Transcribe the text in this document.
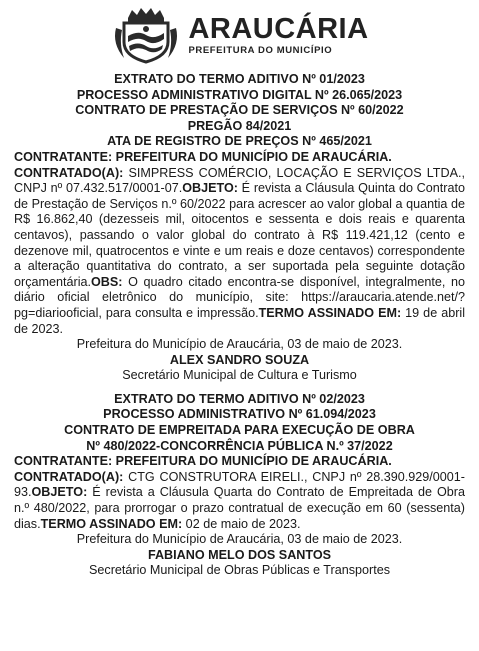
ARAUCÁRIA
PREFEITURA DO MUNICÍPIO
EXTRATO DO TERMO ADITIVO Nº 01/2023
PROCESSO ADMINISTRATIVO DIGITAL Nº 26.065/2023
CONTRATO DE PRESTAÇÃO DE SERVIÇOS Nº 60/2022
PREGÃO 84/2021
ATA DE REGISTRO DE PREÇOS Nº 465/2021
CONTRATANTE: PREFEITURA DO MUNICÍPIO DE ARAUCÁRIA.
CONTRATADO(A): SIMPRESS COMÉRCIO, LOCAÇÃO E SERVIÇOS LTDA., CNPJ nº 07.432.517/0001-07.OBJETO: É revista a Cláusula Quinta do Contrato de Prestação de Serviços n.º 60/2022 para acrescer ao valor global a quantia de R$ 16.862,40 (dezesseis mil, oitocentos e sessenta e dois reais e quarenta centavos), passando o valor global do contrato à R$ 119.421,12 (cento e dezenove mil, quatrocentos e vinte e um reais e doze centavos) correspondente a alteração quantitativa do contrato, a ser suportada pela seguinte dotação orçamentária.OBS: O quadro citado encontra-se disponível, integralmente, no diário oficial eletrônico do município, site: https://araucaria.atende.net/?pg=diariooficial, para consulta e impressão.TERMO ASSINADO EM: 19 de abril de 2023.
Prefeitura do Município de Araucária, 03 de maio de 2023.
ALEX SANDRO SOUZA
Secretário Municipal de Cultura e Turismo
EXTRATO DO TERMO ADITIVO Nº 02/2023
PROCESSO ADMINISTRATIVO Nº 61.094/2023
CONTRATO DE EMPREITADA PARA EXECUÇÃO DE OBRA
Nº 480/2022-CONCORRÊNCIA PÚBLICA N.º 37/2022
CONTRATANTE: PREFEITURA DO MUNICÍPIO DE ARAUCÁRIA.
CONTRATADO(A): CTG CONSTRUTORA EIRELI., CNPJ nº 28.390.929/0001-93.OBJETO: É revista a Cláusula Quarta do Contrato de Empreitada de Obra n.º 480/2022, para prorrogar o prazo contratual de execução em 60 (sessenta) dias.TERMO ASSINADO EM: 02 de maio de 2023.
Prefeitura do Município de Araucária, 03 de maio de 2023.
FABIANO MELO DOS SANTOS
Secretário Municipal de Obras Públicas e Transportes
